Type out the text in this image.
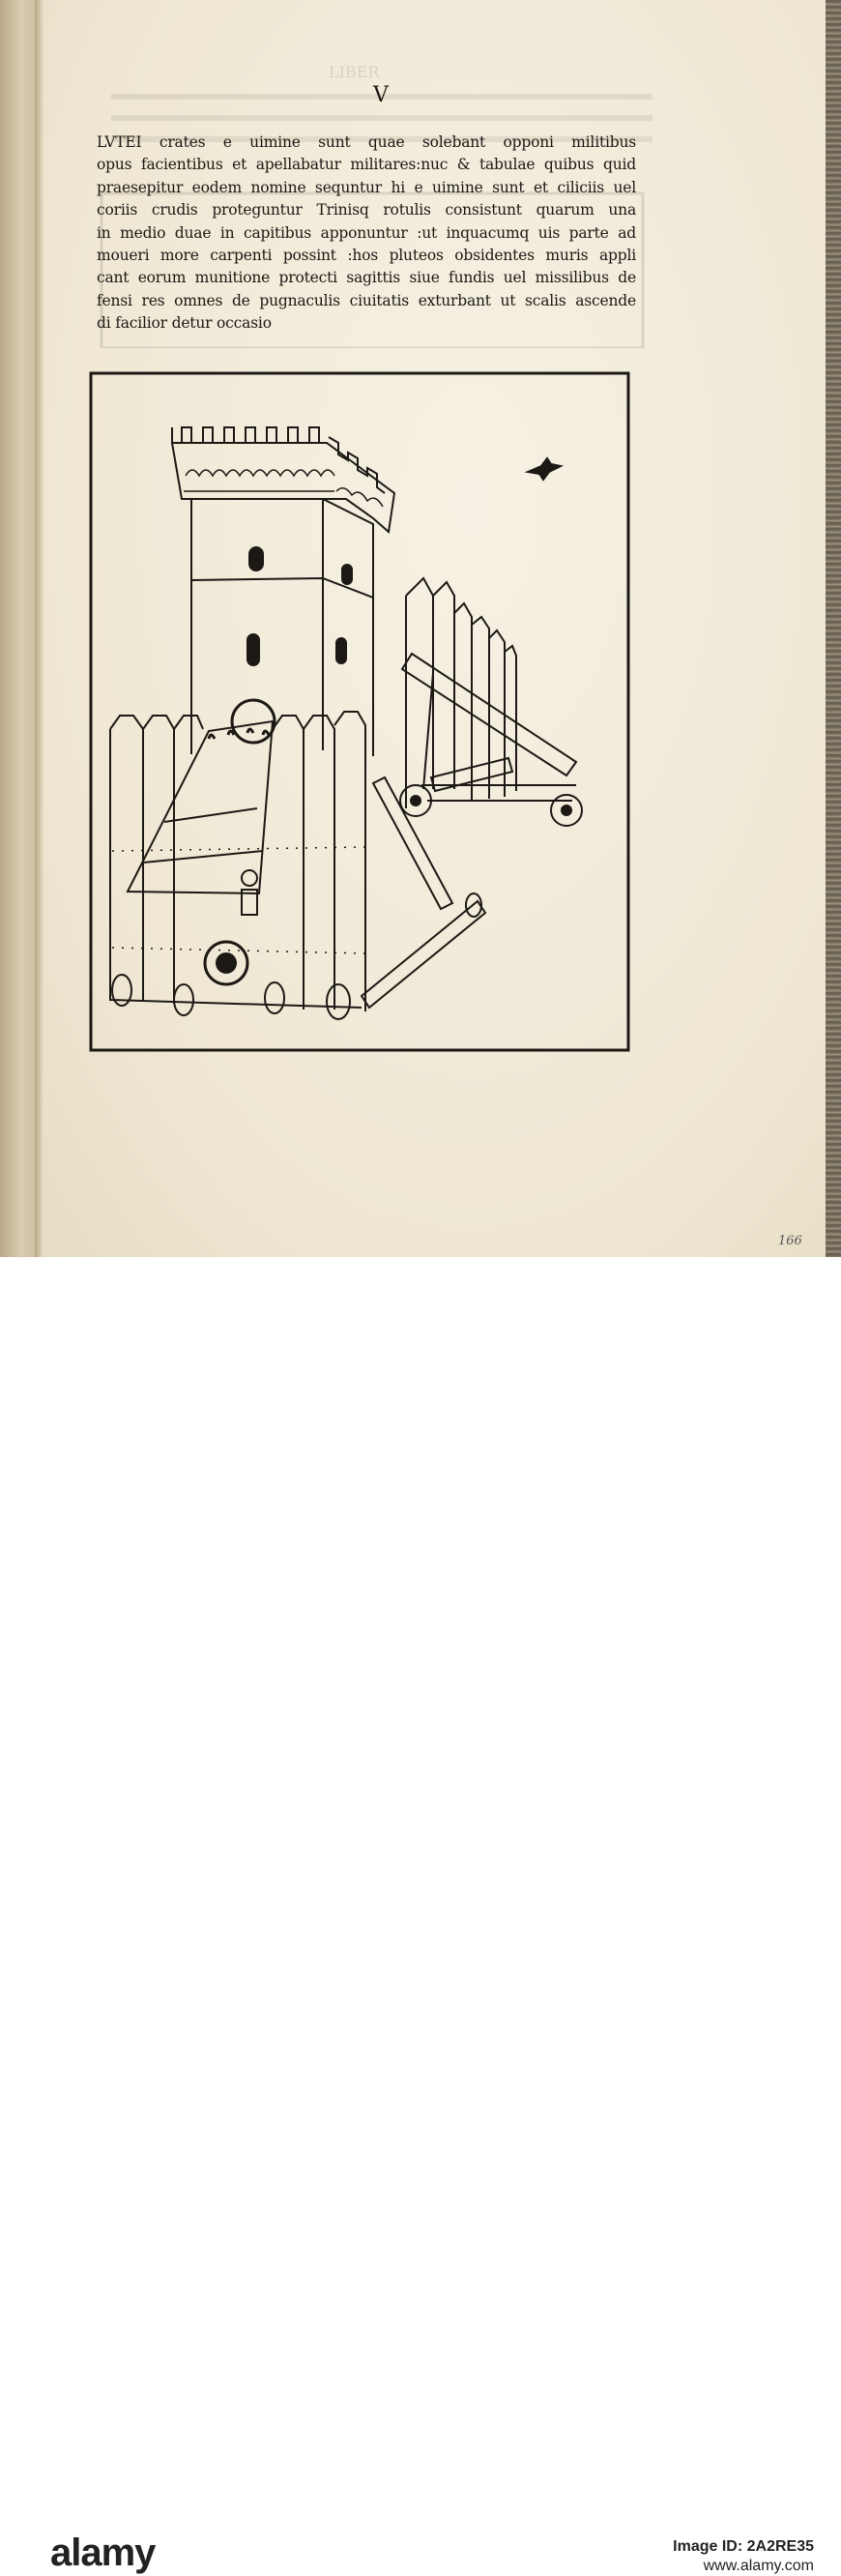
LIBER
V
LVTEI crates e uimine sunt quae solebant opponi militibus
opus facientibus et apellabatur militares:nuc & tabulae quibus quid
praesepitur eodem nomine sequntur hi e uimine sunt et ciliciis uel
coriis crudis proteguntur Trinisq rotulis consistunt quarum una
in medio duae in capitibus apponuntur :ut inquacumq uis parte ad
moueri more carpenti possint :hos pluteos obsidentes muris appli
cant eorum munitione protecti sagittis siue fundis uel missilibus de
fensi res omnes de pugnaculis ciuitatis exturbant ut scalis ascende
di facilior detur occasio
166
alamy	Image ID: 2A2RE35
www.alamy.com
